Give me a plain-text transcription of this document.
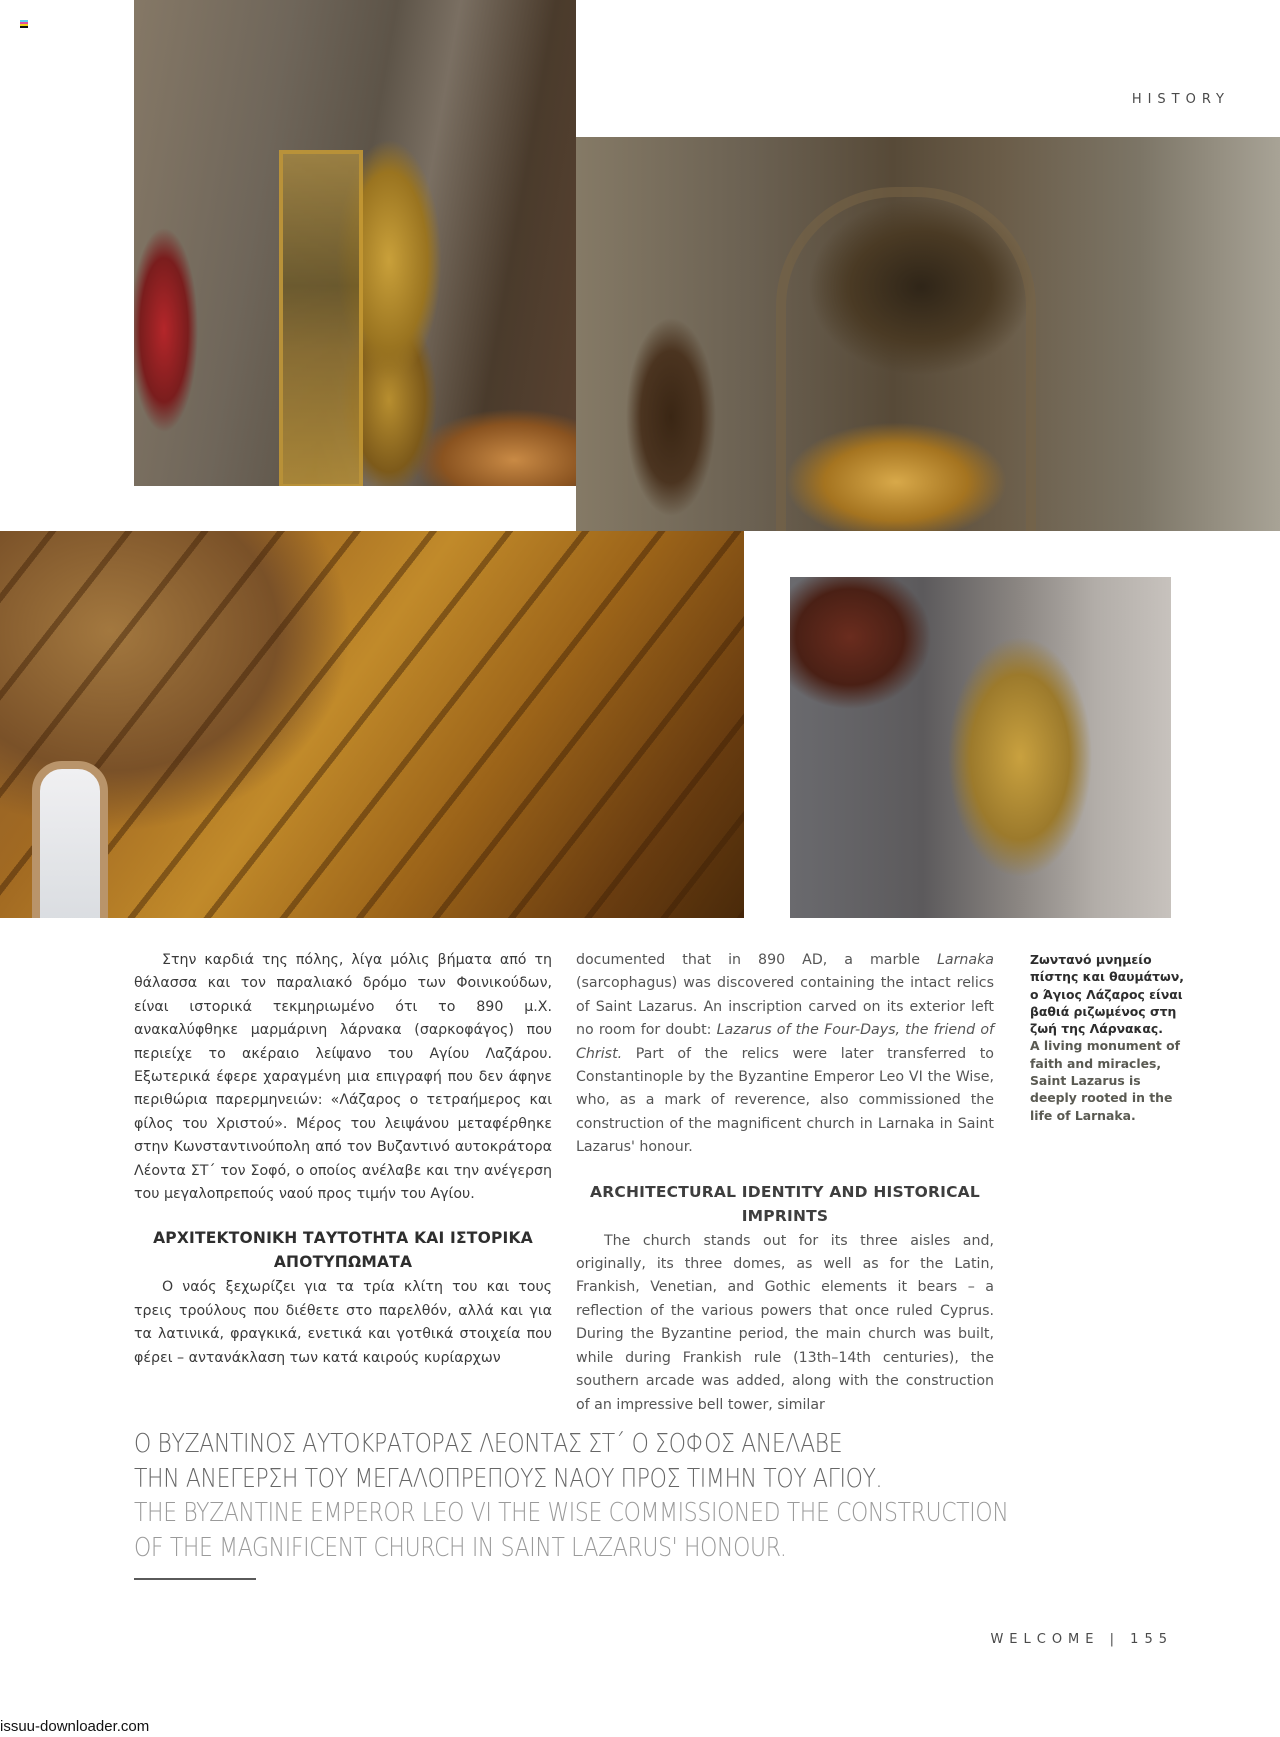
HISTORY

Στην καρδιά της πόλης, λίγα μόλις βήματα από τη θάλασσα και τον παραλιακό δρόμο των Φοινικούδων, είναι ιστορικά τεκμηριωμένο ότι το 890 μ.Χ. ανακαλύφθηκε μαρμάρινη λάρνακα (σαρκοφάγος) που περιείχε το ακέραιο λείψανο του Αγίου Λαζάρου. Εξωτερικά έφερε χαραγμένη μια επιγραφή που δεν άφηνε περιθώρια παρερμηνειών: «Λάζαρος ο τετραήμερος και φίλος του Χριστού». Μέρος του λειψάνου μεταφέρθηκε στην Κωνσταντινούπολη από τον Βυζαντινό αυτοκράτορα Λέοντα ΣΤ΄ τον Σοφό, ο οποίος ανέλαβε και την ανέγερση του μεγαλοπρεπούς ναού προς τιμήν του Αγίου.

ΑΡΧΙΤΕΚΤΟΝΙΚΗ ΤΑΥΤΟΤΗΤΑ ΚΑΙ ΙΣΤΟΡΙΚΑ ΑΠΟΤΥΠΩΜΑΤΑ

Ο ναός ξεχωρίζει για τα τρία κλίτη του και τους τρεις τρούλους που διέθετε στο παρελθόν, αλλά και για τα λατινικά, φραγκικά, ενετικά και γοτθικά στοιχεία που φέρει – αντανάκλαση των κατά καιρούς κυρίαρχων

documented that in 890 AD, a marble Larnaka (sarcophagus) was discovered containing the intact relics of Saint Lazarus. An inscription carved on its exterior left no room for doubt: Lazarus of the Four-Days, the friend of Christ. Part of the relics were later transferred to Constantinople by the Byzantine Emperor Leo VI the Wise, who, as a mark of reverence, also commissioned the construction of the magnificent church in Larnaka in Saint Lazarus' honour.

ARCHITECTURAL IDENTITY AND HISTORICAL IMPRINTS

The church stands out for its three aisles and, originally, its three domes, as well as for the Latin, Frankish, Venetian, and Gothic elements it bears – a reflection of the various powers that once ruled Cyprus. During the Byzantine period, the main church was built, while during Frankish rule (13th–14th centuries), the southern arcade was added, along with the construction of an impressive bell tower, similar

Ζωντανό μνημείο πίστης και θαυμάτων, ο Άγιος Λάζαρος είναι βαθιά ριζωμένος στη ζωή της Λάρνακας.
A living monument of faith and miracles, Saint Lazarus is deeply rooted in the life of Larnaka.
Ο ΒΥΖΑΝΤΙΝΟΣ ΑΥΤΟΚΡΑΤΟΡΑΣ ΛΕΟΝΤΑΣ ΣΤ΄ Ο ΣΟΦΟΣ ΑΝΕΛΑΒΕ
ΤΗΝ ΑΝΕΓΕΡΣΗ ΤΟΥ ΜΕΓΑΛΟΠΡΕΠΟΥΣ ΝΑΟΥ ΠΡΟΣ ΤΙΜΗΝ ΤΟΥ ΑΓΙΟΥ.
THE BYZANTINE EMPEROR LEO VI THE WISE COMMISSIONED THE CONSTRUCTION
OF THE MAGNIFICENT CHURCH IN SAINT LAZARUS' HONOUR.
WELCOME | 155
issuu-downloader.com
